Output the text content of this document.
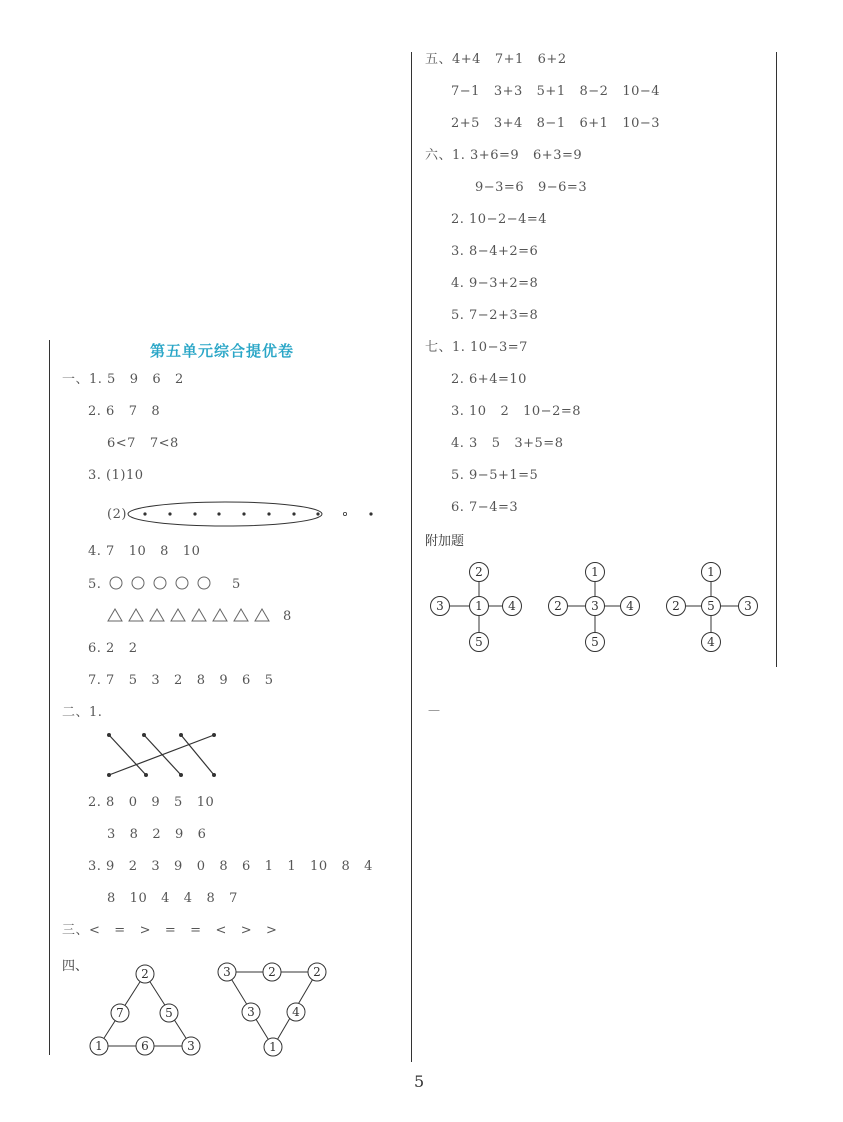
第五单元综合提优卷
一、1. 5   9   6   2
2. 6   7   8
6<7   7<8
3. (1)10
(2)
4. 7   10   8   10
5.	5
8
6. 2   2
7. 7   5   3   2   8   9   6   5
二、1.
2. 8   0   9   5   10
3   8   2   9   6
3. 9   2   3   9   0   8   6   1   1   10   8   4
8   10   4   4   8   7
三、<   =   >   =   =   <   >   >
四、	2
7	5
1	6	3
3	2	2
3	4
1
五、4+4   7+1   6+2
7−1   3+3   5+1   8−2   10−4
2+5   3+4   8−1   6+1   10−3
六、1. 3+6=9   6+3=9
9−3=6   9−6=3
2. 10−2−4=4
3. 8−4+2=6
4. 9−3+2=8
5. 7−2+3=8
七、1. 10−3=7
2. 6+4=10
3. 10   2   10−2=8
4. 3   5   3+5=8
5. 9−5+1=5
6. 7−4=3
附加题
2
3	1 4
5
1
2 3 4
5
1
2 5 3
4
—
5
